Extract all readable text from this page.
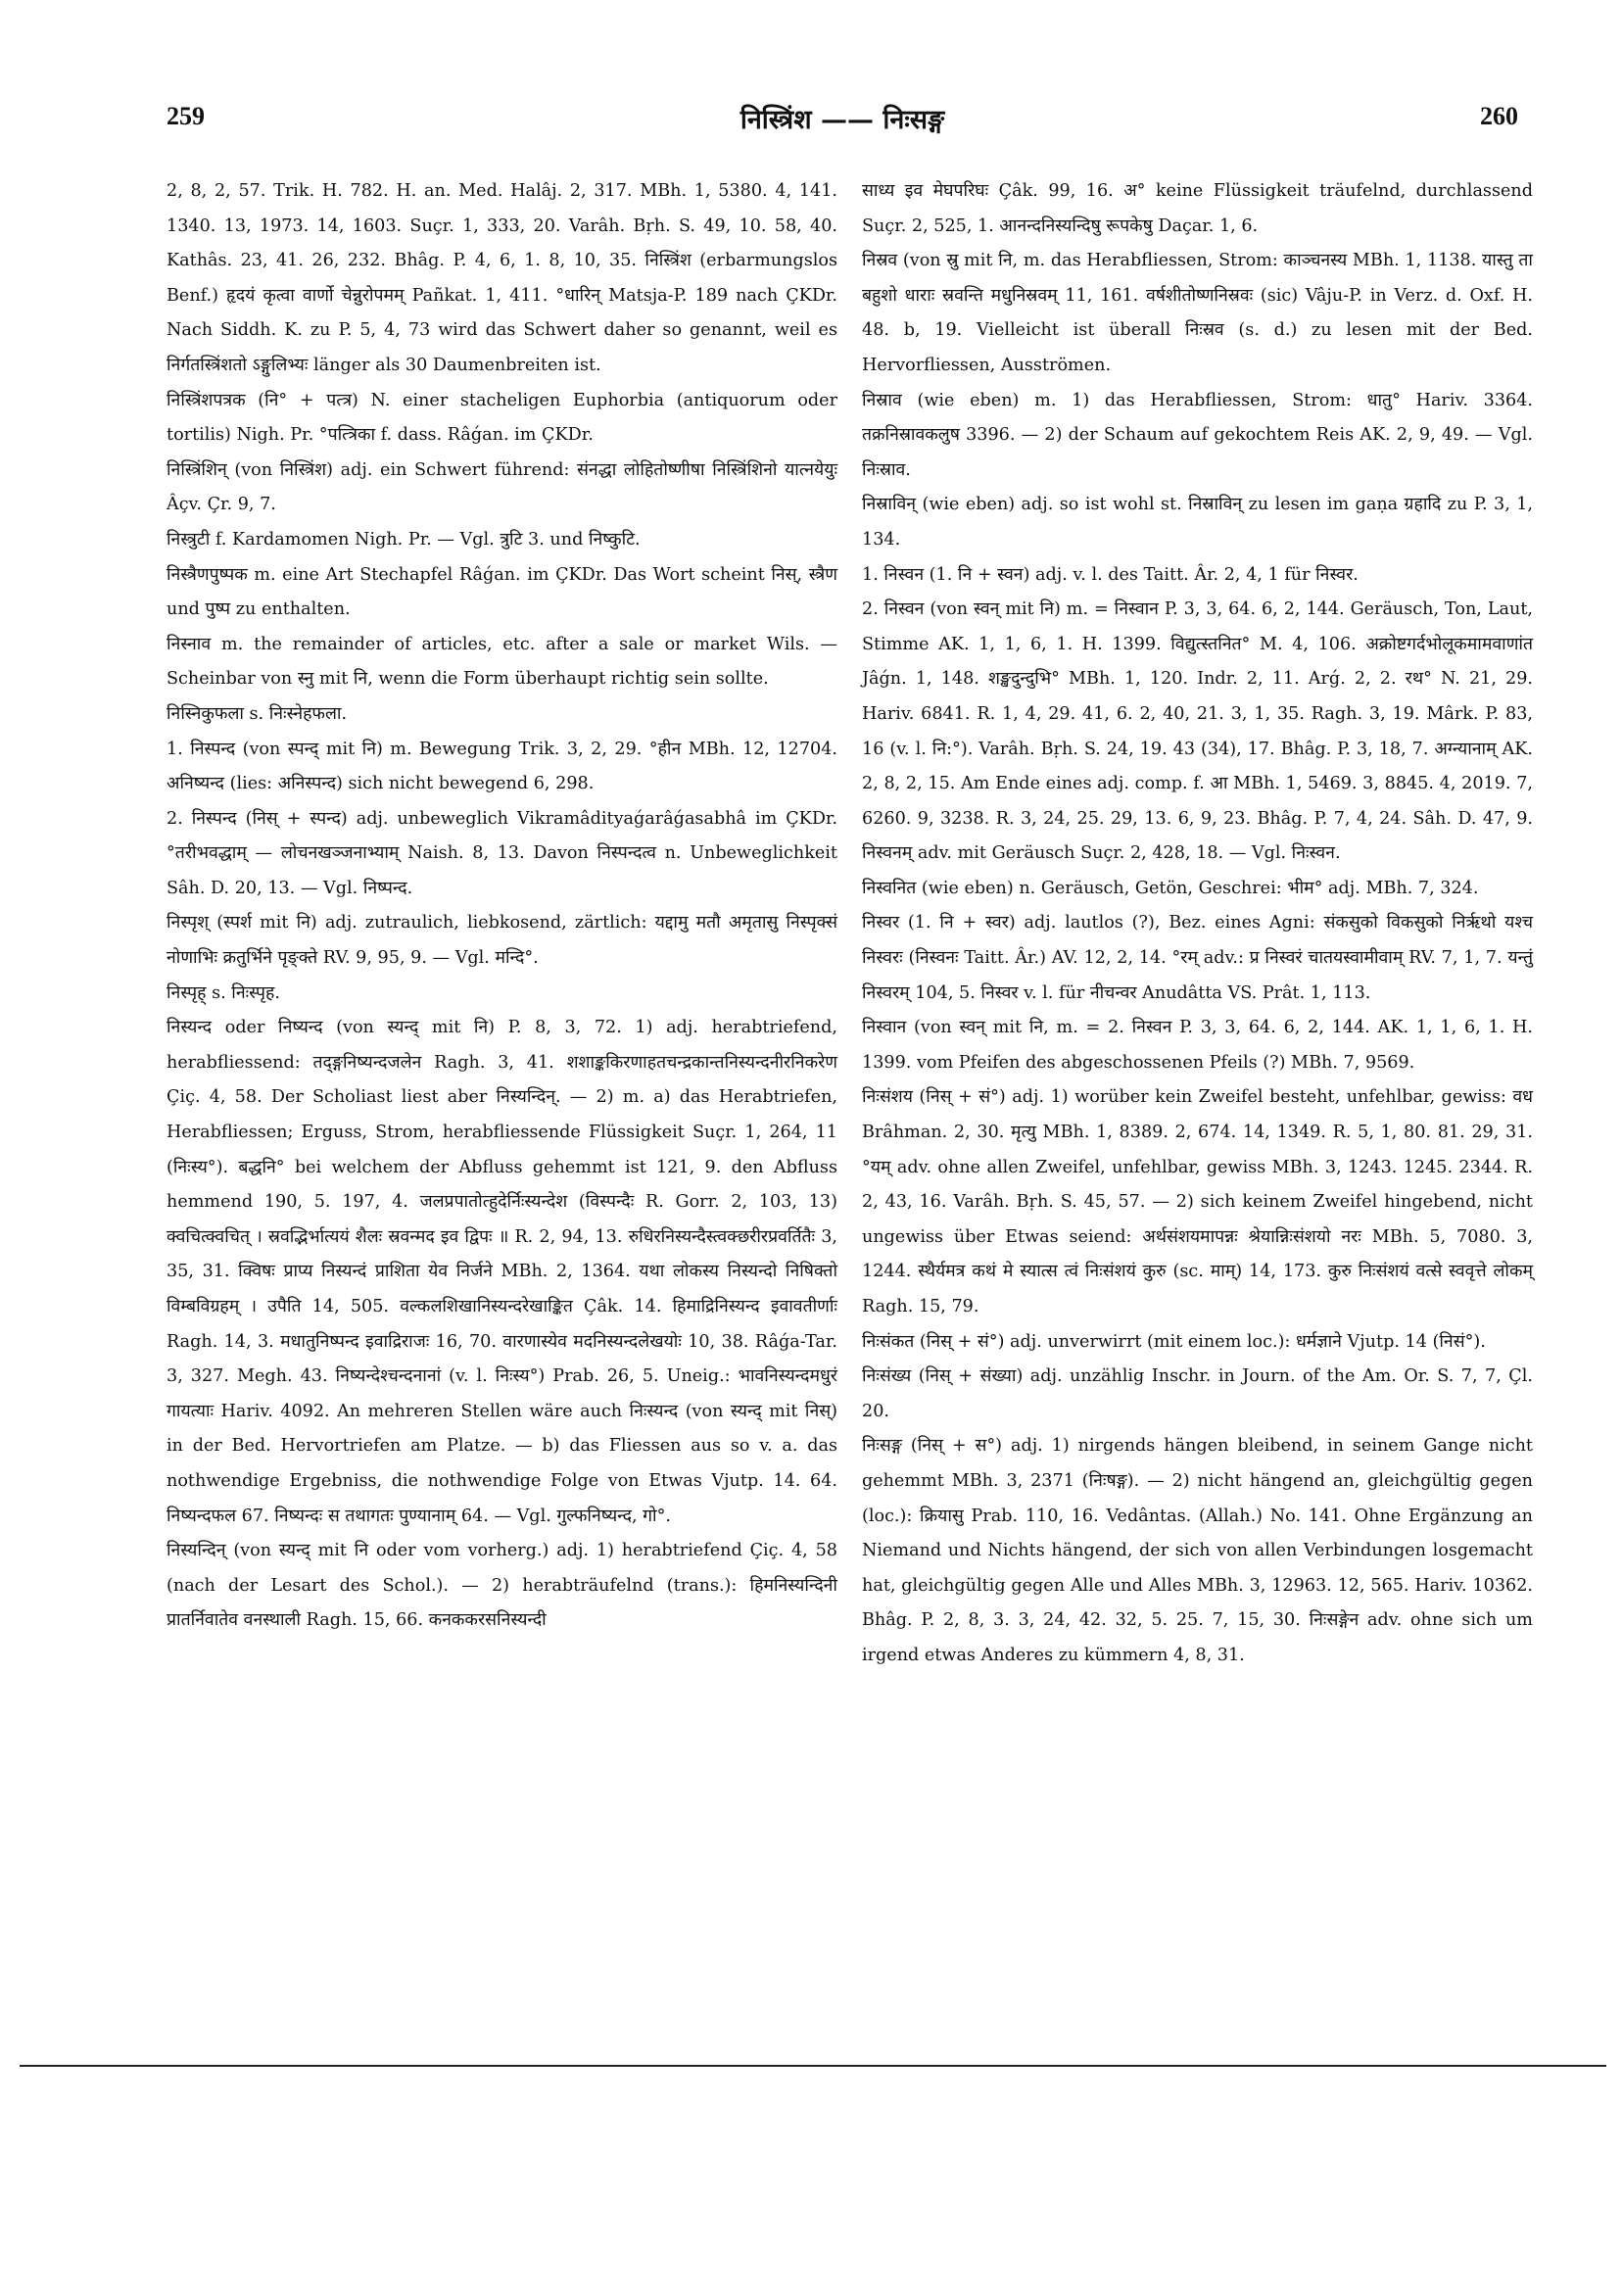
259	निस्त्रिंश —— निःसङ्ग	260

2, 8, 2, 57. Trik. H. 782. H. an. Med. Halâj. 2, 317. MBh. 1, 5380. 4, 141. 1340. 13, 1973. 14, 1603. Suçr. 1, 333, 20. Varâh. Bṛh. S. 49, 10. 58, 40. Kathâs. 23, 41. 26, 232. Bhâg. P. 4, 6, 1. 8, 10, 35. निस्त्रिंश (erbarmungslos Benf.) हृदयं कृत्वा वार्णो चेन्नुरोपमम् Pañkat. 1, 411. °धारिन् Matsja-P. 189 nach ÇKDr. Nach Siddh. K. zu P. 5, 4, 73 wird das Schwert daher so genannt, weil es निर्गतस्त्रिंशतो ऽङ्गुलिभ्यः länger als 30 Daumenbreiten ist.

निस्त्रिंशपत्रक (नि° + पत्त्र) N. einer stacheligen Euphorbia (antiquorum oder tortilis) Nigh. Pr. °पत्त्रिका f. dass. Râǵan. im ÇKDr.

निस्त्रिंशिन् (von निस्त्रिंश) adj. ein Schwert führend: संनद्धा लोहितोष्णीषा निस्त्रिंशिनो यात्नयेयुः Âçv. Çr. 9, 7.

निस्त्रुटी f. Kardamomen Nigh. Pr. — Vgl. त्रुटि 3. und निष्कुटि.

निस्त्रैणपुष्पक m. eine Art Stechapfel Râǵan. im ÇKDr. Das Wort scheint निस्, स्त्रैण und पुष्प zu enthalten.

निस्नाव m. the remainder of articles, etc. after a sale or market Wils. — Scheinbar von स्नु mit नि, wenn die Form überhaupt richtig sein sollte.

निस्निकुफला s. निःस्नेहफला.

1. निस्पन्द (von स्पन्द् mit नि) m. Bewegung Trik. 3, 2, 29. °हीन MBh. 12, 12704. अनिष्यन्द (lies: अनिस्पन्द) sich nicht bewegend 6, 298.

2. निस्पन्द (निस् + स्पन्द) adj. unbeweglich Vikramâdityaǵarâǵasabhâ im ÇKDr. °तरीभवद्धाम् — लोचनखञ्जनाभ्याम् Naish. 8, 13. Davon निस्पन्दत्व n. Unbeweglichkeit Sâh. D. 20, 13. — Vgl. निष्पन्द.

निस्पृश् (स्पर्श mit नि) adj. zutraulich, liebkosend, zärtlich: यद्दामु मतौ अमृतासु निस्पृक्सं नोणाभिः क्रतुर्भिने पृङ्क्ते RV. 9, 95, 9. — Vgl. मन्दि°.

निस्पृह् s. निःस्पृह.

निस्यन्द oder निष्यन्द (von स्यन्द् mit नि) P. 8, 3, 72. 1) adj. herabtriefend, herabfliessend: तद्ङ्गनिष्यन्दजलेन Ragh. 3, 41. शशाङ्ककिरणाहतचन्द्रकान्तनिस्यन्दनीरनिकरेण Çiç. 4, 58. Der Scholiast liest aber निस्यन्दिन्. — 2) m. a) das Herabtriefen, Herabfliessen; Erguss, Strom, herabfliessende Flüssigkeit Suçr. 1, 264, 11 (निःस्य°). बद्धनि° bei welchem der Abfluss gehemmt ist 121, 9. den Abfluss hemmend 190, 5. 197, 4. जलप्रपातोत्हुदेर्निःस्यन्देश (विस्पन्दैः R. Gorr. 2, 103, 13) क्वचित्क्वचित् । स्रवद्भिर्भात्ययं शैलः स्रवन्मद इव द्विपः ॥ R. 2, 94, 13. रुधिरनिस्यन्दैस्त्वक्छरीरप्रवर्तितैः 3, 35, 31. क्विषः प्राप्य निस्यन्दं प्राशिता येव निर्जने MBh. 2, 1364. यथा लोकस्य निस्यन्दो निषिक्तो विम्बविग्रहम् । उपैति 14, 505. वल्कलशिखानिस्यन्दरेखाङ्कित Çâk. 14. हिमाद्रिनिस्यन्द इवावतीर्णाः Ragh. 14, 3. मधातुनिष्पन्द इवाद्रिराजः 16, 70. वारणास्येव मदनिस्यन्दलेखयोः 10, 38. Râǵa-Tar. 3, 327. Megh. 43. निष्यन्देश्चन्दनानां (v. l. निःस्य°) Prab. 26, 5. Uneig.: भावनिस्यन्दमधुरं गायत्याः Hariv. 4092. An mehreren Stellen wäre auch निःस्यन्द (von स्यन्द् mit निस्) in der Bed. Hervortriefen am Platze. — b) das Fliessen aus so v. a. das nothwendige Ergebniss, die nothwendige Folge von Etwas Vjutp. 14. 64. निष्यन्दफल 67. निष्यन्दः स तथागतः पुण्यानाम् 64. — Vgl. गुल्फनिष्यन्द, गो°.

निस्यन्दिन् (von स्यन्द् mit नि oder vom vorherg.) adj. 1) herabtriefend Çiç. 4, 58 (nach der Lesart des Schol.). — 2) herabträufelnd (trans.): हिमनिस्यन्दिनी प्रातर्निवातेव वनस्थाली Ragh. 15, 66. कनककरसनिस्यन्दी

साध्य इव मेघपरिघः Çâk. 99, 16. अ° keine Flüssigkeit träufelnd, durchlassend Suçr. 2, 525, 1. आनन्दनिस्यन्दिषु रूपकेषु Daçar. 1, 6.

निस्रव (von स्रु mit नि, m. das Herabfliessen, Strom: काञ्चनस्य MBh. 1, 1138. यास्तु ता बहुशो धाराः स्रवन्ति मधुनिस्रवम् 11, 161. वर्षशीतोष्णनिस्रवः (sic) Vâju-P. in Verz. d. Oxf. H. 48. b, 19. Vielleicht ist überall निःस्रव (s. d.) zu lesen mit der Bed. Hervorfliessen, Ausströmen.

निस्राव (wie eben) m. 1) das Herabfliessen, Strom: धातु° Hariv. 3364. तक्रनिस्रावकलुष 3396. — 2) der Schaum auf gekochtem Reis AK. 2, 9, 49. — Vgl. निःस्राव.

निस्राविन् (wie eben) adj. so ist wohl st. निस्राविन् zu lesen im gaṇa ग्रहादि zu P. 3, 1, 134.

1. निस्वन (1. नि + स्वन) adj. v. l. des Taitt. Âr. 2, 4, 1 für निस्वर.

2. निस्वन (von स्वन् mit नि) m. = निस्वान P. 3, 3, 64. 6, 2, 144. Geräusch, Ton, Laut, Stimme AK. 1, 1, 6, 1. H. 1399. विद्युत्स्तनित° M. 4, 106. अक्रोष्टगर्दभोलूकमामवाणांत Jâǵn. 1, 148. शङ्खदुन्दुभि° MBh. 1, 120. Indr. 2, 11. Arǵ. 2, 2. रथ° N. 21, 29. Hariv. 6841. R. 1, 4, 29. 41, 6. 2, 40, 21. 3, 1, 35. Ragh. 3, 19. Mârk. P. 83, 16 (v. l. नि:°). Varâh. Bṛh. S. 24, 19. 43 (34), 17. Bhâg. P. 3, 18, 7. अग्न्यानाम् AK. 2, 8, 2, 15. Am Ende eines adj. comp. f. आ MBh. 1, 5469. 3, 8845. 4, 2019. 7, 6260. 9, 3238. R. 3, 24, 25. 29, 13. 6, 9, 23. Bhâg. P. 7, 4, 24. Sâh. D. 47, 9. निस्वनम् adv. mit Geräusch Suçr. 2, 428, 18. — Vgl. निःस्वन.

निस्वनित (wie eben) n. Geräusch, Getön, Geschrei: भीम° adj. MBh. 7, 324.

निस्वर (1. नि + स्वर) adj. lautlos (?), Bez. eines Agni: संकसुको विकसुको निर्ऋथो यश्च निस्वरः (निस्वनः Taitt. Âr.) AV. 12, 2, 14. °रम् adv.: प्र निस्वरं चातयस्वामीवाम् RV. 7, 1, 7. यन्तुं निस्वरम् 104, 5. निस्वर v. l. für नीचन्वर Anudâtta VS. Prât. 1, 113.

निस्वान (von स्वन् mit नि, m. = 2. निस्वन P. 3, 3, 64. 6, 2, 144. AK. 1, 1, 6, 1. H. 1399. vom Pfeifen des abgeschossenen Pfeils (?) MBh. 7, 9569.

निःसंशय (निस् + सं°) adj. 1) worüber kein Zweifel besteht, unfehlbar, gewiss: वध Brâhman. 2, 30. मृत्यु MBh. 1, 8389. 2, 674. 14, 1349. R. 5, 1, 80. 81. 29, 31. °यम् adv. ohne allen Zweifel, unfehlbar, gewiss MBh. 3, 1243. 1245. 2344. R. 2, 43, 16. Varâh. Bṛh. S. 45, 57. — 2) sich keinem Zweifel hingebend, nicht ungewiss über Etwas seiend: अर्थसंशयमापन्नः श्रेयान्निःसंशयो नरः MBh. 5, 7080. 3, 1244. स्थैर्यमत्र कथं मे स्यात्स त्वं निःसंशयं कुरु (sc. माम्) 14, 173. कुरु निःसंशयं वत्से स्ववृत्ते लोकम् Ragh. 15, 79.

निःसंकत (निस् + सं°) adj. unverwirrt (mit einem loc.): धर्मज्ञाने Vjutp. 14 (निसं°).

निःसंख्य (निस् + संख्या) adj. unzählig Inschr. in Journ. of the Am. Or. S. 7, 7, Çl. 20.

निःसङ्ग (निस् + स°) adj. 1) nirgends hängen bleibend, in seinem Gange nicht gehemmt MBh. 3, 2371 (निःषङ्ग). — 2) nicht hängend an, gleichgültig gegen (loc.): क्रियासु Prab. 110, 16. Vedântas. (Allah.) No. 141. Ohne Ergänzung an Niemand und Nichts hängend, der sich von allen Verbindungen losgemacht hat, gleichgültig gegen Alle und Alles MBh. 3, 12963. 12, 565. Hariv. 10362. Bhâg. P. 2, 8, 3. 3, 24, 42. 32, 5. 25. 7, 15, 30. निःसङ्गेन adv. ohne sich um irgend etwas Anderes zu kümmern 4, 8, 31.
